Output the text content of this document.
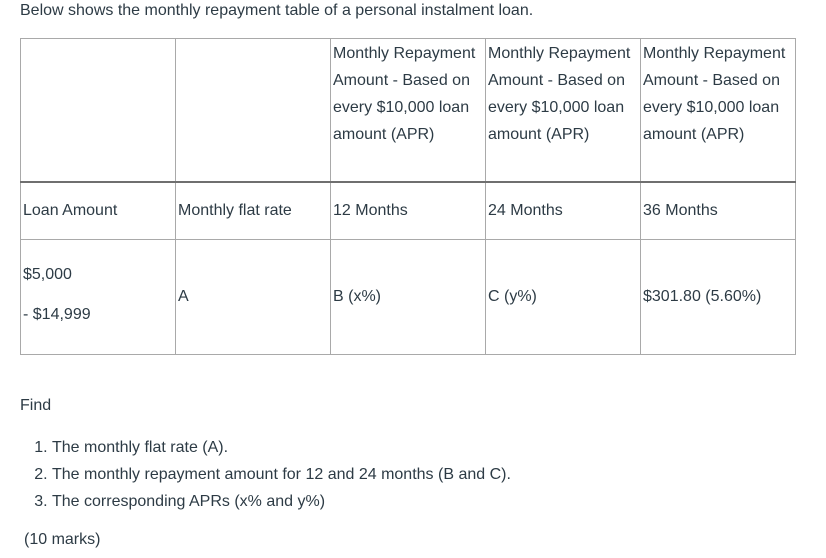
Below shows the monthly repayment table of a personal instalment loan.

		Monthly Repayment Amount - Based on every $10,000 loan amount (APR)	Monthly Repayment Amount - Based on every $10,000 loan amount (APR)	Monthly Repayment Amount - Based on every $10,000 loan amount (APR)
Loan Amount	Monthly flat rate	12 Months	24 Months	36 Months

$5,000
- $14,999	A	B (x%)	C (y%)	$301.80 (5.60%)

Find

1. The monthly flat rate (A).
2. The monthly repayment amount for 12 and 24 months (B and C).
3. The corresponding APRs (x% and y%)

(10 marks)
